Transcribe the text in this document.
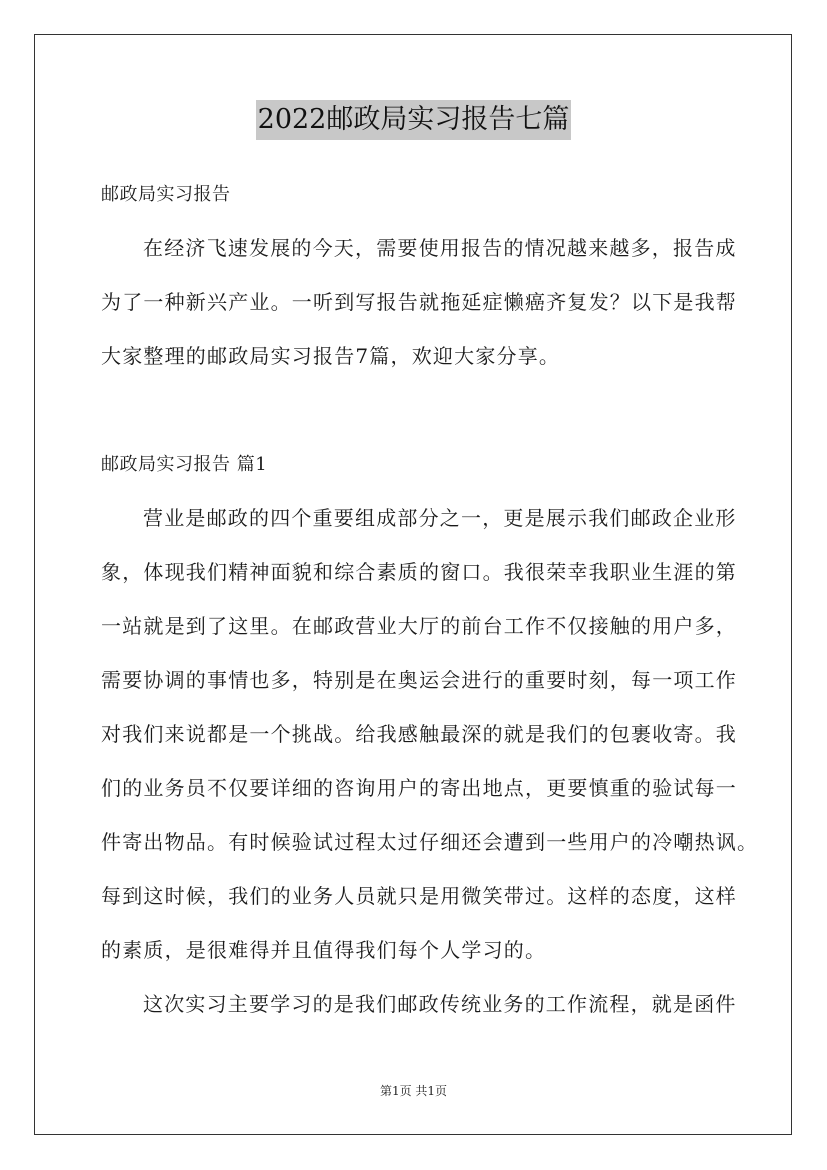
2022邮政局实习报告七篇
邮政局实习报告
在经济飞速发展的今天，需要使用报告的情况越来越多，报告成
为了一种新兴产业。一听到写报告就拖延症懒癌齐复发？以下是我帮
大家整理的邮政局实习报告7篇，欢迎大家分享。
邮政局实习报告 篇1
营业是邮政的四个重要组成部分之一，更是展示我们邮政企业形
象，体现我们精神面貌和综合素质的窗口。我很荣幸我职业生涯的第
一站就是到了这里。在邮政营业大厅的前台工作不仅接触的用户多，
需要协调的事情也多，特别是在奥运会进行的重要时刻，每一项工作
对我们来说都是一个挑战。给我感触最深的就是我们的包裹收寄。我
们的业务员不仅要详细的咨询用户的寄出地点，更要慎重的验试每一
件寄出物品。有时候验试过程太过仔细还会遭到一些用户的冷嘲热讽。
每到这时候，我们的业务人员就只是用微笑带过。这样的态度，这样
的素质，是很难得并且值得我们每个人学习的。
这次实习主要学习的是我们邮政传统业务的工作流程，就是函件
第1页 共1页
